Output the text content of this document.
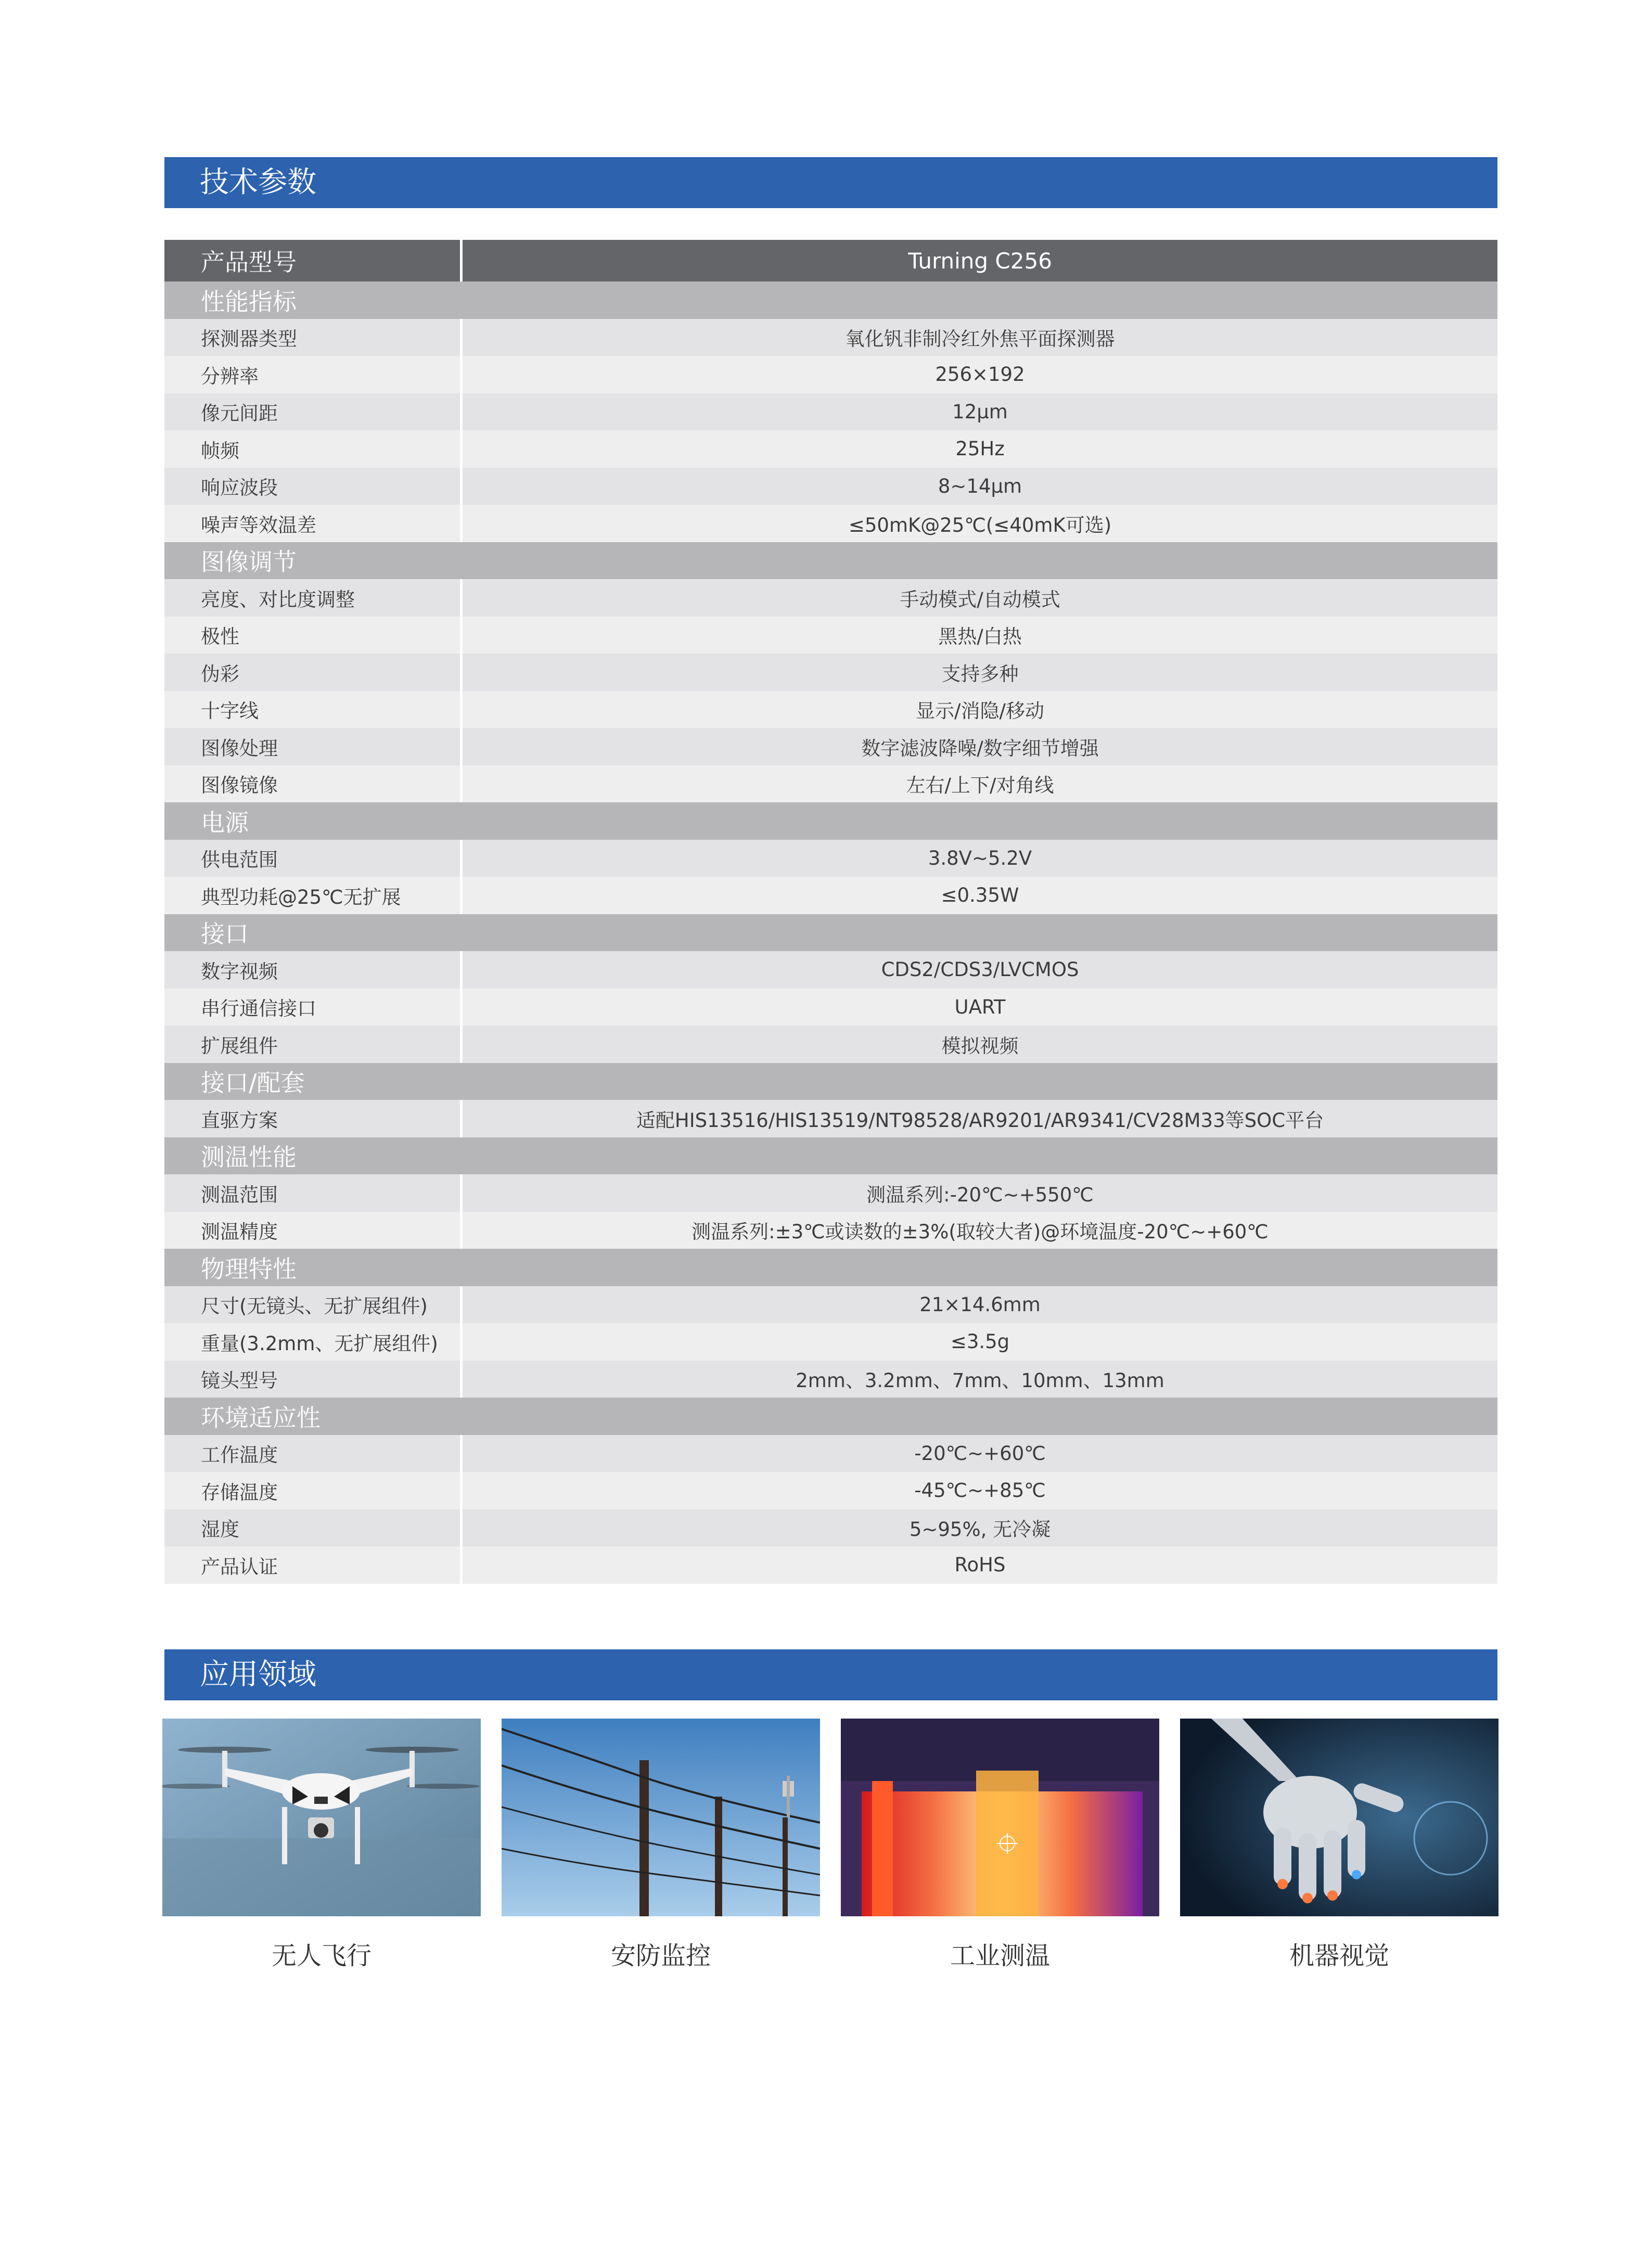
技术参数
产品型号	Turning C256
性能指标
探测器类型	氧化钒非制冷红外焦平面探测器
分辨率	256×192
像元间距	12μm
帧频	25Hz
响应波段	8~14μm
噪声等效温差	≤50mK@25℃(≤40mK可选)
图像调节
亮度、对比度调整	手动模式/自动模式
极性	黑热/白热
伪彩	支持多种
十字线	显示/消隐/移动
图像处理	数字滤波降噪/数字细节增强
图像镜像	左右/上下/对角线
电源
供电范围	3.8V~5.2V
典型功耗@25℃无扩展	≤0.35W
接口
数字视频	CDS2/CDS3/LVCMOS
串行通信接口	UART
扩展组件	模拟视频
接口/配套
直驱方案	适配HIS13516/HIS13519/NT98528/AR9201/AR9341/CV28M33等SOC平台
测温性能
测温范围	测温系列:-20℃~+550℃
测温精度	测温系列:±3℃或读数的±3%(取较大者)@环境温度-20℃~+60℃
物理特性
尺寸(无镜头、无扩展组件)	21×14.6mm
重量(3.2mm、无扩展组件)	≤3.5g
镜头型号	2mm、3.2mm、7mm、10mm、13mm
环境适应性
工作温度	-20℃~+60℃
存储温度	-45℃~+85℃
湿度	5~95%, 无冷凝
产品认证	RoHS
应用领域
无人飞行	安防监控	工业测温	机器视觉
